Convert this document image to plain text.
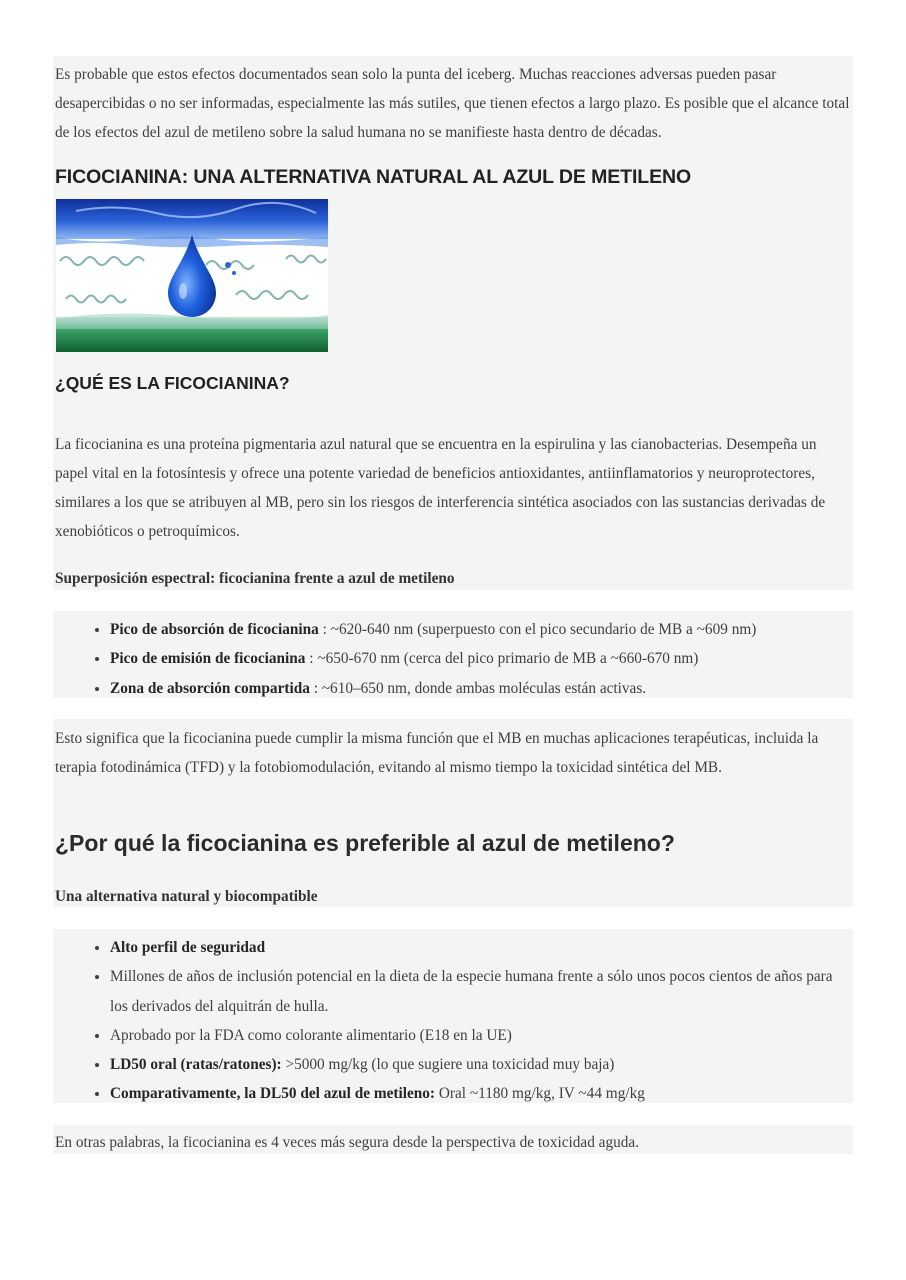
Es probable que estos efectos documentados sean solo la punta del iceberg. Muchas reacciones adversas pueden pasar desapercibidas o no ser informadas, especialmente las más sutiles, que tienen efectos a largo plazo. Es posible que el alcance total de los efectos del azul de metileno sobre la salud humana no se manifieste hasta dentro de décadas.

FICOCIANINA: UNA ALTERNATIVA NATURAL AL AZUL DE METILENO
¿QUÉ ES LA FICOCIANINA?

La ficocianina es una proteína pigmentaria azul natural que se encuentra en la espirulina y las cianobacterias. Desempeña un papel vital en la fotosíntesis y ofrece una potente variedad de beneficios antioxidantes, antiinflamatorios y neuroprotectores, similares a los que se atribuyen al MB, pero sin los riesgos de interferencia sintética asociados con las sustancias derivadas de xenobióticos o petroquímicos.

Superposición espectral: ficocianina frente a azul de metileno
• Pico de absorción de ficocianina : ~620-640 nm (superpuesto con el pico secundario de MB a ~609 nm)
• Pico de emisión de ficocianina : ~650-670 nm (cerca del pico primario de MB a ~660-670 nm)
• Zona de absorción compartida : ~610–650 nm, donde ambas moléculas están activas.

Esto significa que la ficocianina puede cumplir la misma función que el MB en muchas aplicaciones terapéuticas, incluida la terapia fotodinámica (TFD) y la fotobiomodulación, evitando al mismo tiempo la toxicidad sintética del MB.

¿Por qué la ficocianina es preferible al azul de metileno?
Una alternativa natural y biocompatible
• Alto perfil de seguridad
• Millones de años de inclusión potencial en la dieta de la especie humana frente a sólo unos pocos cientos de años para los derivados del alquitrán de hulla.
• Aprobado por la FDA como colorante alimentario (E18 en la UE)
• LD50 oral (ratas/ratones): >5000 mg/kg (lo que sugiere una toxicidad muy baja)
• Comparativamente, la DL50 del azul de metileno: Oral ~1180 mg/kg, IV ~44 mg/kg

En otras palabras, la ficocianina es 4 veces más segura desde la perspectiva de toxicidad aguda.
